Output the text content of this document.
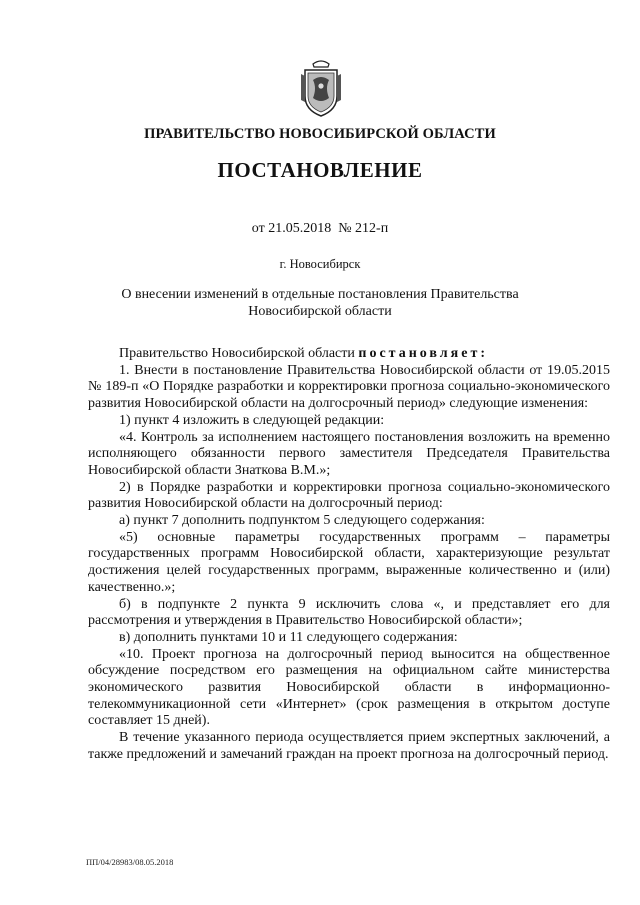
ПРАВИТЕЛЬСТВО НОВОСИБИРСКОЙ ОБЛАСТИ
ПОСТАНОВЛЕНИЕ
от 21.05.2018 № 212-п
г. Новосибирск
О внесении изменений в отдельные постановления Правительства Новосибирской области

Правительство Новосибирской области постановляет:

1. Внести в постановление Правительства Новосибирской области от 19.05.2015 № 189-п «О Порядке разработки и корректировки прогноза социально-экономического развития Новосибирской области на долгосрочный период» следующие изменения:

1) пункт 4 изложить в следующей редакции:

«4. Контроль за исполнением настоящего постановления возложить на временно исполняющего обязанности первого заместителя Председателя Правительства Новосибирской области Знаткова В.М.»;

2) в Порядке разработки и корректировки прогноза социально-экономического развития Новосибирской области на долгосрочный период:

а) пункт 7 дополнить подпунктом 5 следующего содержания:

«5) основные параметры государственных программ – параметры государственных программ Новосибирской области, характеризующие результат достижения целей государственных программ, выраженные количественно и (или) качественно.»;

б) в подпункте 2 пункта 9 исключить слова «, и представляет его для рассмотрения и утверждения в Правительство Новосибирской области»;

в) дополнить пунктами 10 и 11 следующего содержания:

«10. Проект прогноза на долгосрочный период выносится на общественное обсуждение посредством его размещения на официальном сайте министерства экономического развития Новосибирской области в информационно-телекоммуникационной сети «Интернет» (срок размещения в открытом доступе составляет 15 дней).

В течение указанного периода осуществляется прием экспертных заключений, а также предложений и замечаний граждан на проект прогноза на долгосрочный период.

ПП/04/28983/08.05.2018
